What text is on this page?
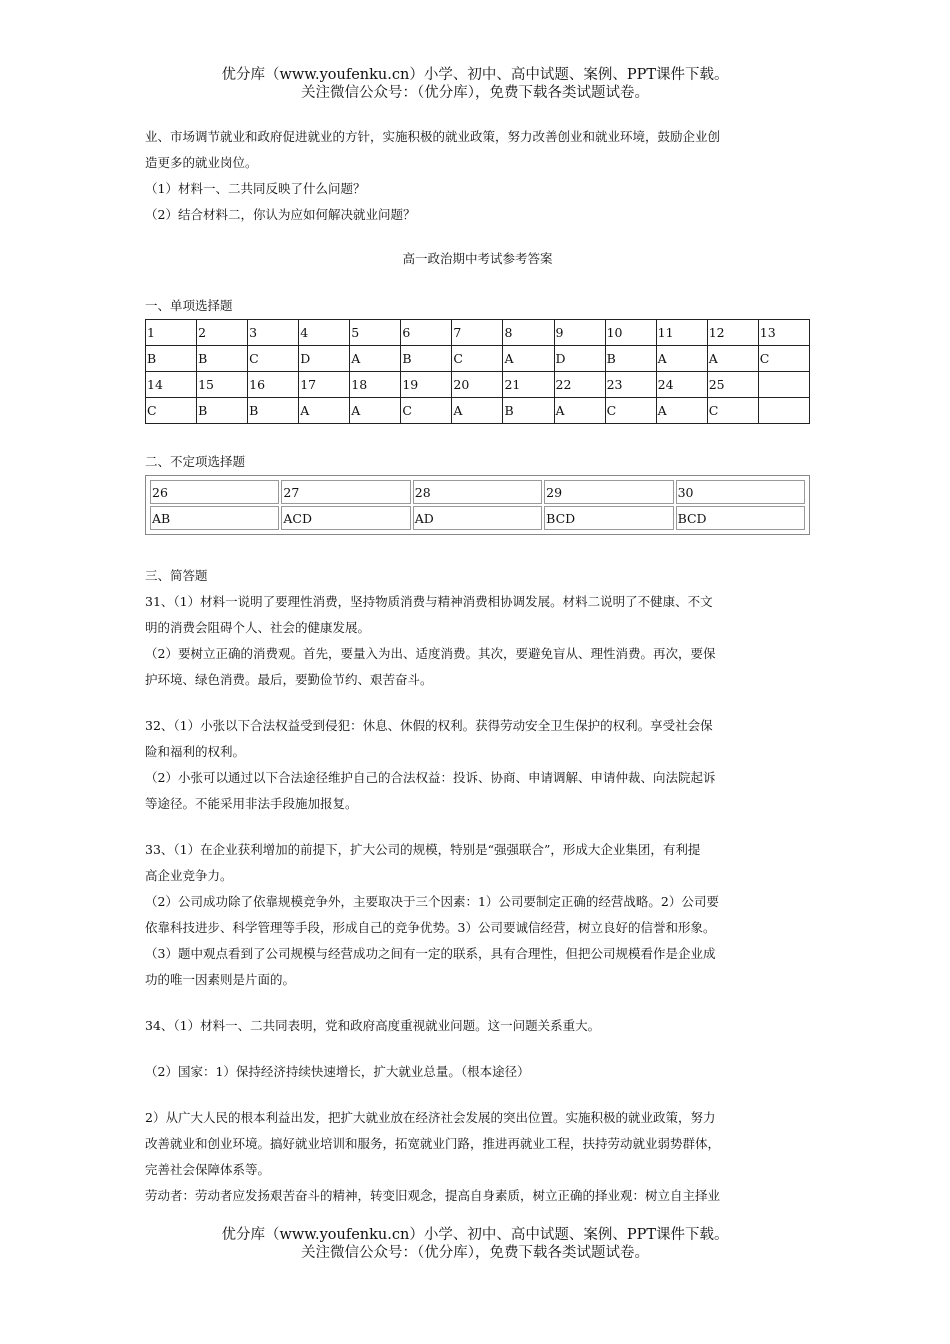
优分库（www.youfenku.cn）小学、初中、高中试题、案例、PPT课件下载。
关注微信公众号：（优分库），免费下载各类试题试卷。

业、市场调节就业和政府促进就业的方针，实施积极的就业政策，努力改善创业和就业环境，鼓励企业创

造更多的就业岗位。

（1）材料一、二共同反映了什么问题？

（2）结合材料二，你认为应如何解决就业问题？

高一政治期中考试参考答案
一、单项选择题
1	2	3	4	5	6	7	8	9	10	11	12	13
B	B	C	D	A	B	C	A	D	B	A	A	C
14	15	16	17	18	19	20	21	22	23	24	25	
C	B	B	A	A	C	A	B	A	C	A	C	
二、不定项选择题
26	27	28	29	30
AB	ACD	AD	BCD	BCD
三、简答题

31、（1）材料一说明了要理性消费，坚持物质消费与精神消费相协调发展。材料二说明了不健康、不文

明的消费会阻碍个人、社会的健康发展。

（2）要树立正确的消费观。首先，要量入为出、适度消费。其次，要避免盲从、理性消费。再次，要保

护环境、绿色消费。最后，要勤俭节约、艰苦奋斗。

32、（1）小张以下合法权益受到侵犯：休息、休假的权利。获得劳动安全卫生保护的权利。享受社会保

险和福利的权利。

（2）小张可以通过以下合法途径维护自己的合法权益：投诉、协商、申请调解、申请仲裁、向法院起诉

等途径。不能采用非法手段施加报复。

33、（1）在企业获利增加的前提下，扩大公司的规模，特别是“强强联合”，形成大企业集团，有利提

高企业竞争力。

（2）公司成功除了依靠规模竞争外，主要取决于三个因素：1）公司要制定正确的经营战略。2）公司要

依靠科技进步、科学管理等手段，形成自己的竞争优势。3）公司要诚信经营，树立良好的信誉和形象。

（3）题中观点看到了公司规模与经营成功之间有一定的联系，具有合理性，但把公司规模看作是企业成

功的唯一因素则是片面的。

34、（1）材料一、二共同表明，党和政府高度重视就业问题。这一问题关系重大。

（2）国家：1）保持经济持续快速增长，扩大就业总量。（根本途径）

2）从广大人民的根本利益出发，把扩大就业放在经济社会发展的突出位置。实施积极的就业政策，努力

改善就业和创业环境。搞好就业培训和服务，拓宽就业门路，推进再就业工程，扶持劳动就业弱势群体，

完善社会保障体系等。

劳动者：劳动者应发扬艰苦奋斗的精神，转变旧观念，提高自身素质，树立正确的择业观：树立自主择业

优分库（www.youfenku.cn）小学、初中、高中试题、案例、PPT课件下载。
关注微信公众号：（优分库），免费下载各类试题试卷。
